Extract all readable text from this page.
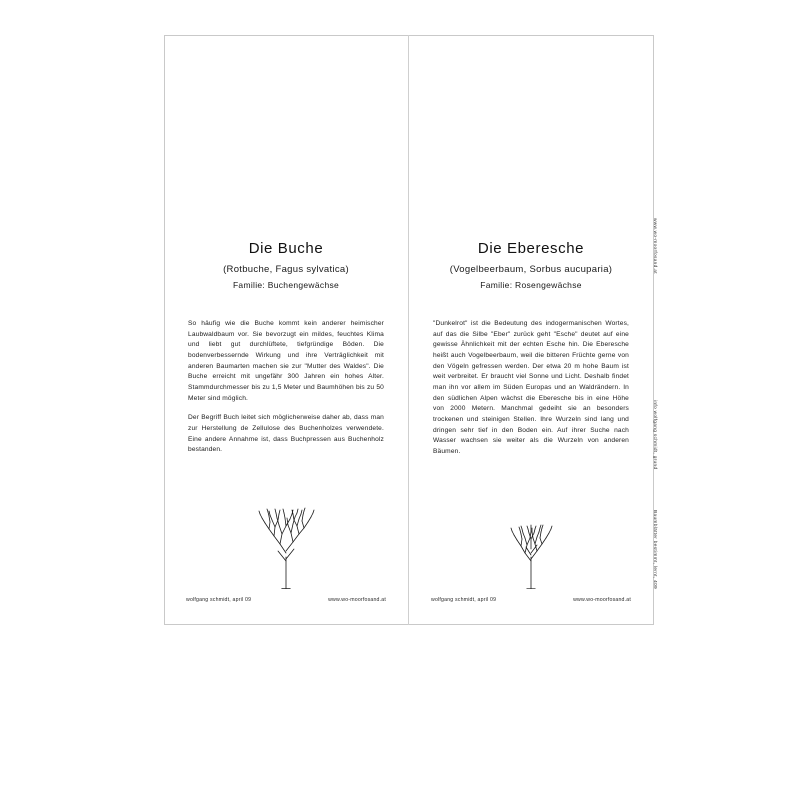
Die Buche
(Rotbuche, Fagus sylvatica)
Familie: Buchengewächse

So häufig wie die Buche kommt kein anderer heimischer Laubwaldbaum vor. Sie bevorzugt ein mildes, feuchtes Klima und liebt gut durchlüftete, tiefgründige Böden. Die bodenverbessernde Wirkung und ihre Verträglichkeit mit anderen Baumarten machen sie zur "Mutter des Waldes". Die Buche erreicht mit ungefähr 300 Jahren ein hohes Alter. Stammdurchmesser bis zu 1,5 Meter und Baumhöhen bis zu 50 Meter sind möglich.

Der Begriff Buch leitet sich möglicherweise daher ab, dass man zur Herstellung de Zellulose des Buchenholzes verwendete. Eine andere Annahme ist, dass Buchpressen aus Buchenholz bestanden.

wolfgang schmidt, april 09	www.wo-moorfosand.at
Die Eberesche
(Vogelbeerbaum, Sorbus aucuparia)
Familie: Rosengewächse

"Dunkelrot" ist die Bedeutung des indogermanischen Wortes, auf das die Silbe "Eber" zurück geht "Esche" deutet auf eine gewisse Ähnlichkeit mit der echten Esche hin. Die Eberesche heißt auch Vogelbeerbaum, weil die bitteren Früchte gerne von den Vögeln gefressen werden. Der etwa 20 m hohe Baum ist weit verbreitet. Er braucht viel Sonne und Licht. Deshalb findet man ihn vor allem im Süden Europas und an Waldrändern. In den südlichen Alpen wächst die Eberesche bis in eine Höhe von 2000 Metern. Manchmal gedeiht sie an besonders trockenen und steinigen Stellen. Ihre Wurzeln sind lang und dringen sehr tief in den Boden ein. Auf ihrer Suche nach Wasser wachsen sie weiter als die Wurzeln von anderen Bäumen.

wolfgang schmidt, april 09	www.wo-moorfosand.at
www.wo-moorfosand.at
info wolfgang schmidt, grund
Baumblätter bestimmt, lernt, 409
